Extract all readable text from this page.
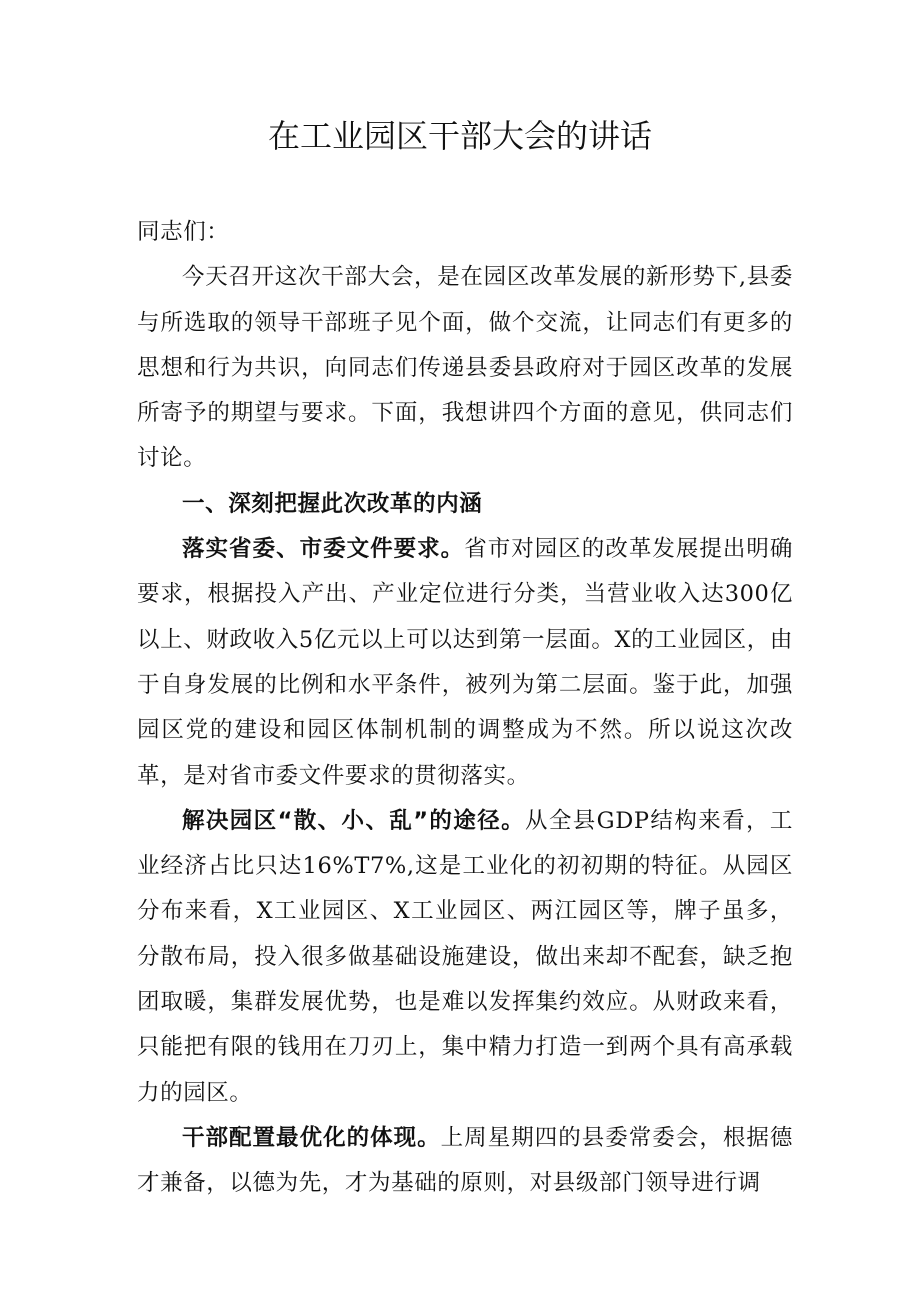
在工业园区干部大会的讲话

同志们：

今天召开这次干部大会，是在园区改革发展的新形势下,县委与所选取的领导干部班子见个面，做个交流，让同志们有更多的思想和行为共识，向同志们传递县委县政府对于园区改革的发展所寄予的期望与要求。下面，我想讲四个方面的意见，供同志们讨论。

一、深刻把握此次改革的内涵

落实省委、市委文件要求。省市对园区的改革发展提出明确要求，根据投入产出、产业定位进行分类，当营业收入达300亿以上、财政收入5亿元以上可以达到第一层面。X的工业园区，由于自身发展的比例和水平条件，被列为第二层面。鉴于此，加强园区党的建设和园区体制机制的调整成为不然。所以说这次改革，是对省市委文件要求的贯彻落实。

解决园区“散、小、乱”的途径。从全县GDP结构来看，工业经济占比只达16%T7%,这是工业化的初初期的特征。从园区分布来看，X工业园区、X工业园区、两江园区等，牌子虽多，分散布局，投入很多做基础设施建设，做出来却不配套，缺乏抱团取暖，集群发展优势，也是难以发挥集约效应。从财政来看，只能把有限的钱用在刀刃上，集中精力打造一到两个具有高承载力的园区。

干部配置最优化的体现。上周星期四的县委常委会，根据德才兼备，以德为先，才为基础的原则，对县级部门领导进行调
